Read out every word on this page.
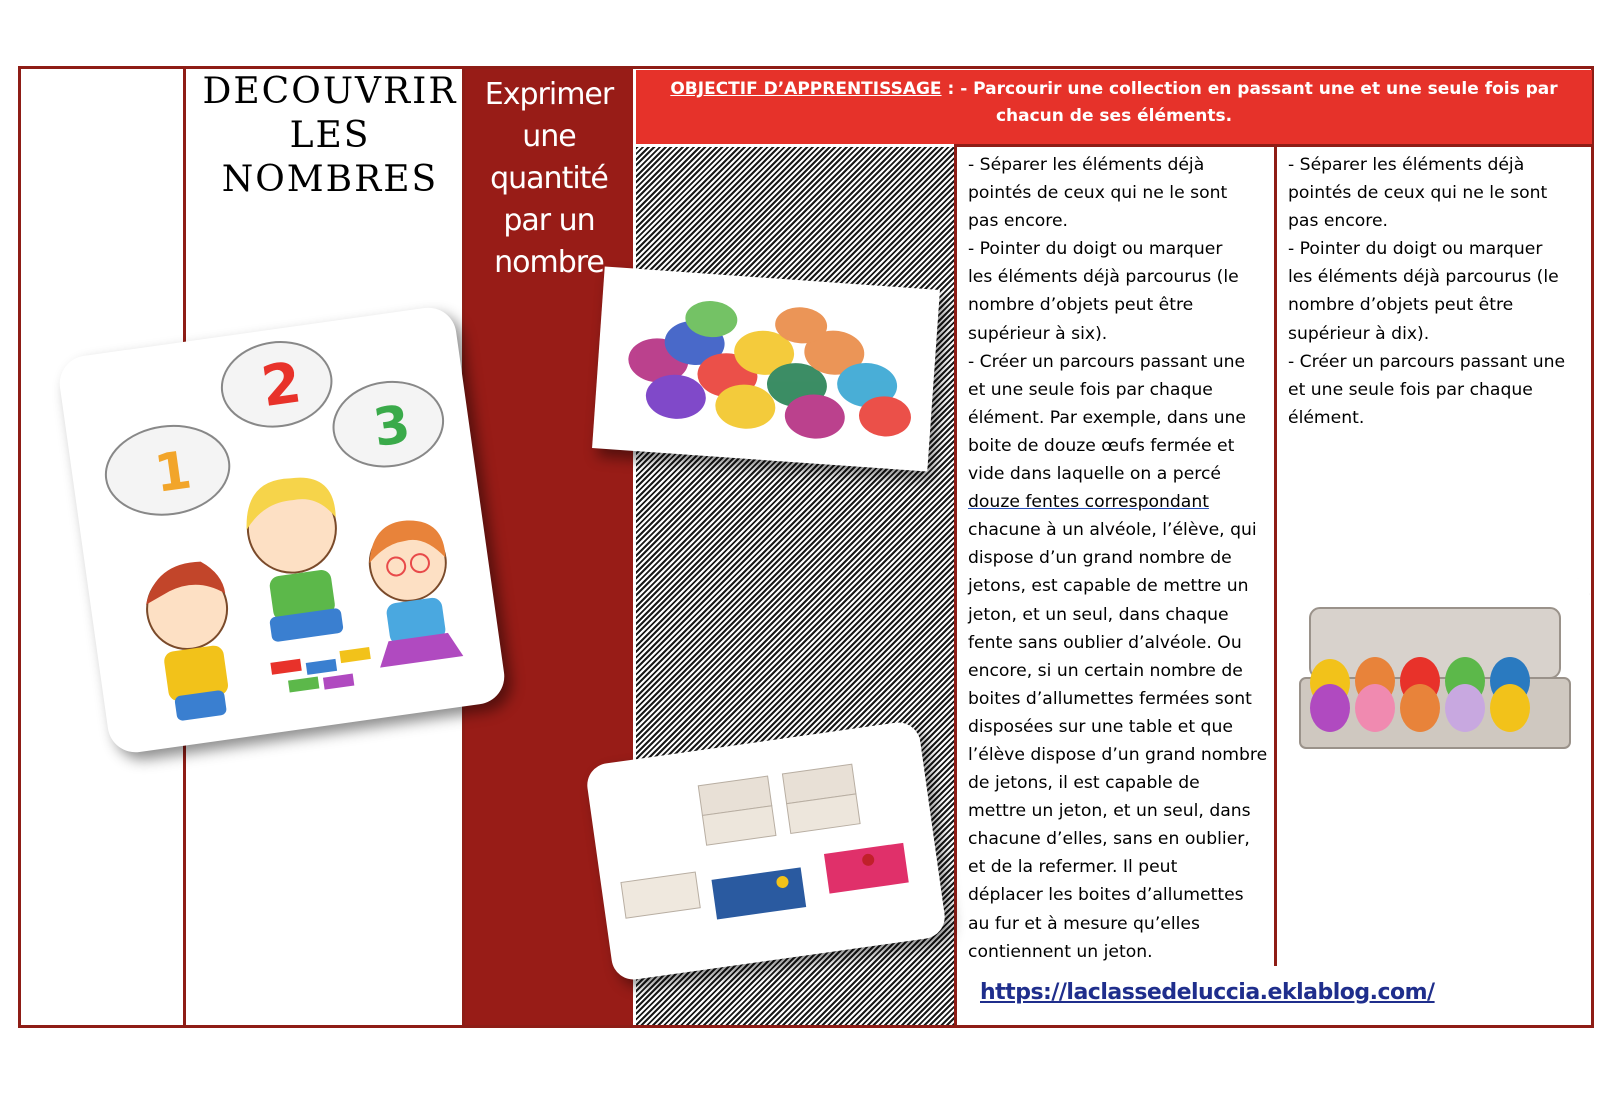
DECOUVRIR
LES
NOMBRES
Exprimer
une
quantité
par un
nombre
OBJECTIF D’APPRENTISSAGE : - Parcourir une collection en passant une et une seule fois par
chacun de ses éléments.

- Séparer les éléments déjà

pointés de ceux qui ne le sont

pas encore.

- Pointer du doigt ou marquer

les éléments déjà parcourus (le

nombre d’objets peut être

supérieur à six).

- Créer un parcours passant une

et une seule fois par chaque

élément. Par exemple, dans une

boite de douze œufs fermée et

vide dans laquelle on a percé

douze fentes correspondant

chacune à un alvéole, l’élève, qui

dispose d’un grand nombre de

jetons, est capable de mettre un

jeton, et un seul, dans chaque

fente sans oublier d’alvéole. Ou

encore, si un certain nombre de

boites d’allumettes fermées sont

disposées sur une table et que

l’élève dispose d’un grand nombre

de jetons, il est capable de

mettre un jeton, et un seul, dans

chacune d’elles, sans en oublier,

et de la refermer. Il peut

déplacer les boites d’allumettes

au fur et à mesure qu’elles

contiennent un jeton.

- Séparer les éléments déjà

pointés de ceux qui ne le sont

pas encore.

- Pointer du doigt ou marquer

les éléments déjà parcourus (le

nombre d’objets peut être

supérieur à dix).

- Créer un parcours passant une

et une seule fois par chaque

élément.

1
2
3
https://laclassedeluccia.eklablog.com/
